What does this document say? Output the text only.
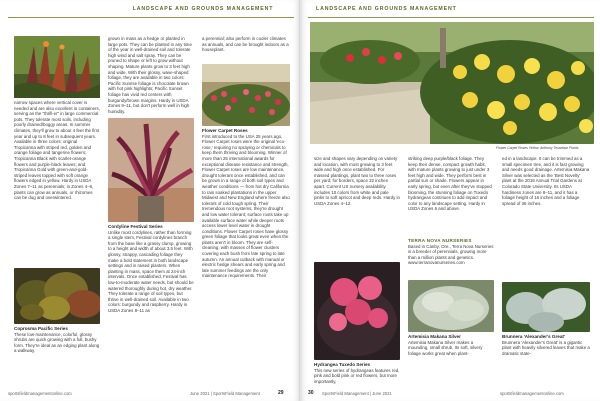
LANDSCAPE AND GROUNDS MANAGEMENT

narrow spaces where vertical cover is needed and are also excellent in containers, serving as the "thrill-er" in large commercial pots. They tolerate most soils, including poorly drained/boggy areas. In summer climates, they'll grow to about 4 feet the first year and up to 8 feet in subsequent years. Available in three colors: original Tropicanna with striped red, golden and orange foliage and tangerine flowers; Tropicanna Black with scarlet-orange flowers and purple-black leaves; and Tropicanna Gold with green-and-gold-striped leaves topped with soft orange flowers edged in yellow. Hardy in USDA Zones 7–11 as perennials; in Zones 4–6, plants can grow as annuals, or rhizomes can be dug and overwintered.

Coprosma Pacific Series

These low-maintenance, colorful, glossy shrubs are quick growing with a full, bushy form. They're ideal as an edging plant along a walkway,

grown in mass as a hedge or planted in large pots. They can be planted in any time of the year in well-drained soil and tolerate high wind and salt spray. They can be pruned to shape or left to grow without shaping. Mature plants grow to 3 feet high and wide. With their glossy, wave-shaped foliage, they are available in two colors: Pacific Sunrise foliage is chocolate brown with hot pink highlights; Pacific Sunset foliage has vivid red centers with burgundy/brown margins. Hardy in USDA Zones 9–11, but don't perform well in high humidity.

Cordyline Festival Series

Unlike most cordylines, rather than forming a single stem, Festival cordylines branch from the base like a grassy clump, growing to a height and width of about 3.5 feet. With glossy, strappy, cascading foliage they make a bold statement in both landscape settings and in raised planters. When planting in mass, space them at 24-inch intervals. Once established, Festival has low-to-moderate water needs, but should be watered thoroughly during hot, dry weather. They tolerate a range of soil types, but thrive in well-drained soil. Available in two colors: burgundy and raspberry. Hardy in USDA Zones 8–11 as

a perennial; also perform in cooler climates as annuals, and can be brought indoors as a houseplant.

Flower Carpet Roses

First introduced to the USA 25 years ago, Flower Carpet roses were the original 'eco-rose,' requiring no spraying or chemicals to keep them thriving and blooming. Winner of more than 25 international awards for exceptional disease resistance and strength, Flower Carpet roses are low maintenance, drought tolerant once established, and can be grown in a range of both soil types and weather conditions — from hot dry California to rain soaked plantations in the upper Midwest and New England where freeze also tolerant of cold tough spring. Their tremendous root systems, they're drought and low water tolerant; surface roots take up available surface water while deeper roots access lower level water in drought conditions. Flower Carpet roses have glossy green foliage that looks great even when the plants aren't in bloom. They are self-cleaning, with masses of flower clusters covering each bush from late spring to late autumn. An annual cutback with manual or electric hedge shears and early spring and late summer feedings are the only maintenance requirements. Their

sportsfieldmanagementonline.com	June 2021 | SportsField Management	29
LANDSCAPE AND GROUNDS MANAGEMENT
Flower Carpet Roses Yellow. Anthony Tesselaar Plants

size and shapes vary depending on variety and location, with most growing to 3 feet wide and high once established. For massed plantings, plant two to three roses per yard; for borders, space 32 inches apart. Current US nursery availability includes 10 colors from white and pale pinks to soft apricot and deep reds. Hardy in USDA Zones 4–12.

Hydrangea Tuxedo Series

This new series of hydrangeas features red, pink and bold pink or red flowers, but more importantly,

striking deep purple/black foliage. They keep their dense, compact growth habit, with mature plants growing to just under 3 feet high and wide. They perform best in partial sun or shade. Flowers appear in early spring, but even after they've stopped blooming, the stunning foliage on Tuxedo hydrangeas continues to add impact and color to any landscape setting. Hardy in USDA Zones 6 and above.

TERRA NOVA NURSERIES

Based in Canby, Ore., Terra Nova Nurseries is a breeder of perennials, growing more than a million plants and genetics. www.terranovanurseries.com

Artemisia Makana Silver

Artemisia Makana Silver makes a mounding, small shrub. Its soft, silvery foliage works great when plant-

ed in a landscape. It can be trimmed as a small specimen tree, and it is fast growing and needs good drainage. Artemisia Makana Silver was selected as the 'Best Novelty' plant at the 2019 Annual Trial Gardens at Colorado State University. Its USDA hardiness zones are 8–11, and it has a foliage height of 16 inches and a foliage spread of 36 inches.

Brunnera 'Alexander's Great'

Brunnera 'Alexander's Great' is a gigantic plant with heavily silvered leaves that make a dramatic state-

30 SportsField Management | June 2021	sportsfieldmanagementonline.com
